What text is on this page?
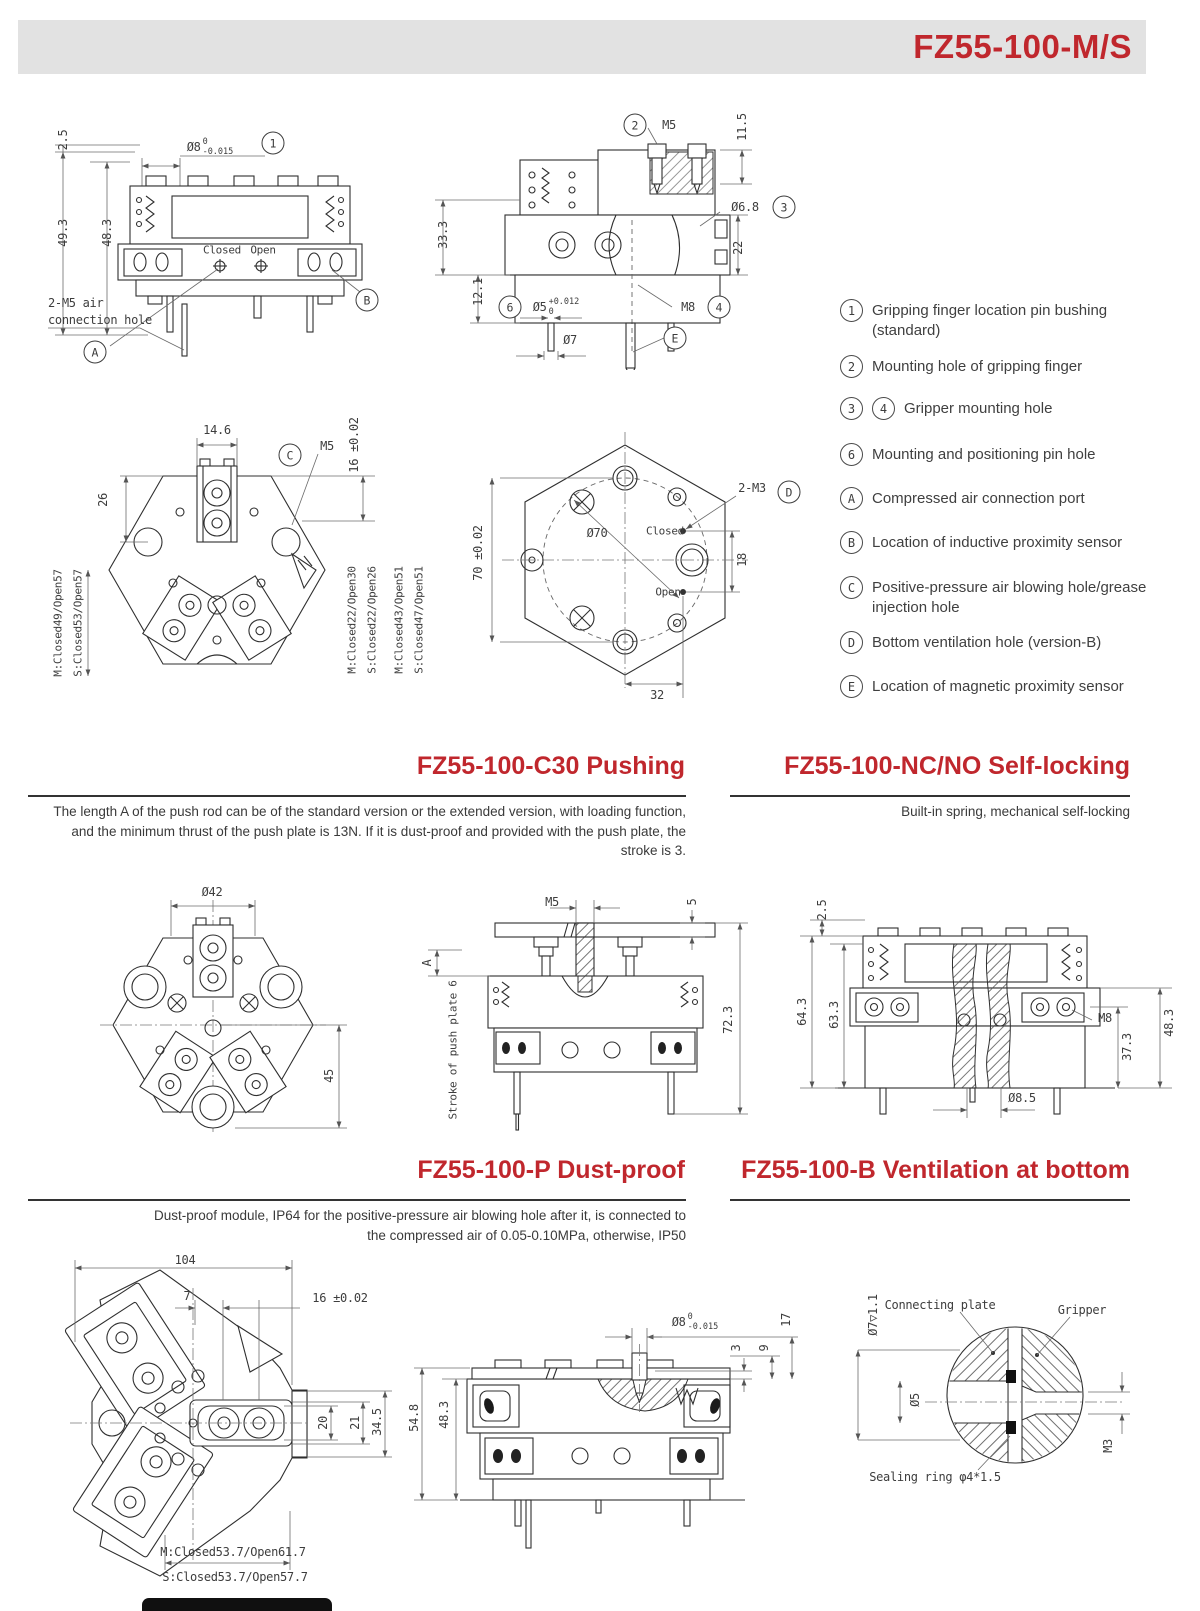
FZ55-100-M/S
2.5
49.3	48.3
Ø8 0
-0.015
1
Closed Open
2-M5 air
connection hole
A
B
2	M5	11.5
Ø6.8	3
33.3	22
12.1
6	Ø5 +0.012
0	M8	4
Ø7	E
1	Gripping finger location pin bushing (standard)
2	Mounting hole of gripping finger
3	4	Gripper mounting hole
6	Mounting and positioning pin hole
A	Compressed air connection port
B	Location of inductive proximity sensor
C	Positive-pressure air blowing hole/grease injection hole
D	Bottom ventilation hole (version-B)
E	Location of magnetic proximity sensor
14.6
C
M5 16 ±0.02
26
M:Closed49/Open57 S:Closed53/Open57	M:Closed22/Open30 S:Closed22/Open26 M:Closed43/Open51 S:Closed47/Open51
70 ±0.02	Ø70
2-M3	D
Closed
Open
18
32
FZ55-100-C30 Pushing
The length A of the push rod can be of the standard version or the extended version, with loading function, and the minimum thrust of the push plate is 13N. If it is dust-proof and provided with the push plate, the stroke is 3.
FZ55-100-NC/NO Self-locking
Built-in spring, mechanical self-locking
Ø42
45
M5	5
A
Stroke of push plate 6	72.3
2.5
64.3 63.3	M8
37.3
48.3
Ø8.5
FZ55-100-P Dust-proof
Dust-proof module, IP64 for the positive-pressure air blowing hole after it, is connected to the compressed air of 0.05-0.10MPa, otherwise, IP50
FZ55-100-B Ventilation at bottom
104
7	16 ±0.02
20 21 34.5
M:Closed53.7/Open61.7
S:Closed53.7/Open57.7
54.8 48.3
Ø8 0
-0.015
3 9
17	Ø7▽1.1 Connecting plate	Gripper
Ø5
M3
Sealing ring φ4*1.5
